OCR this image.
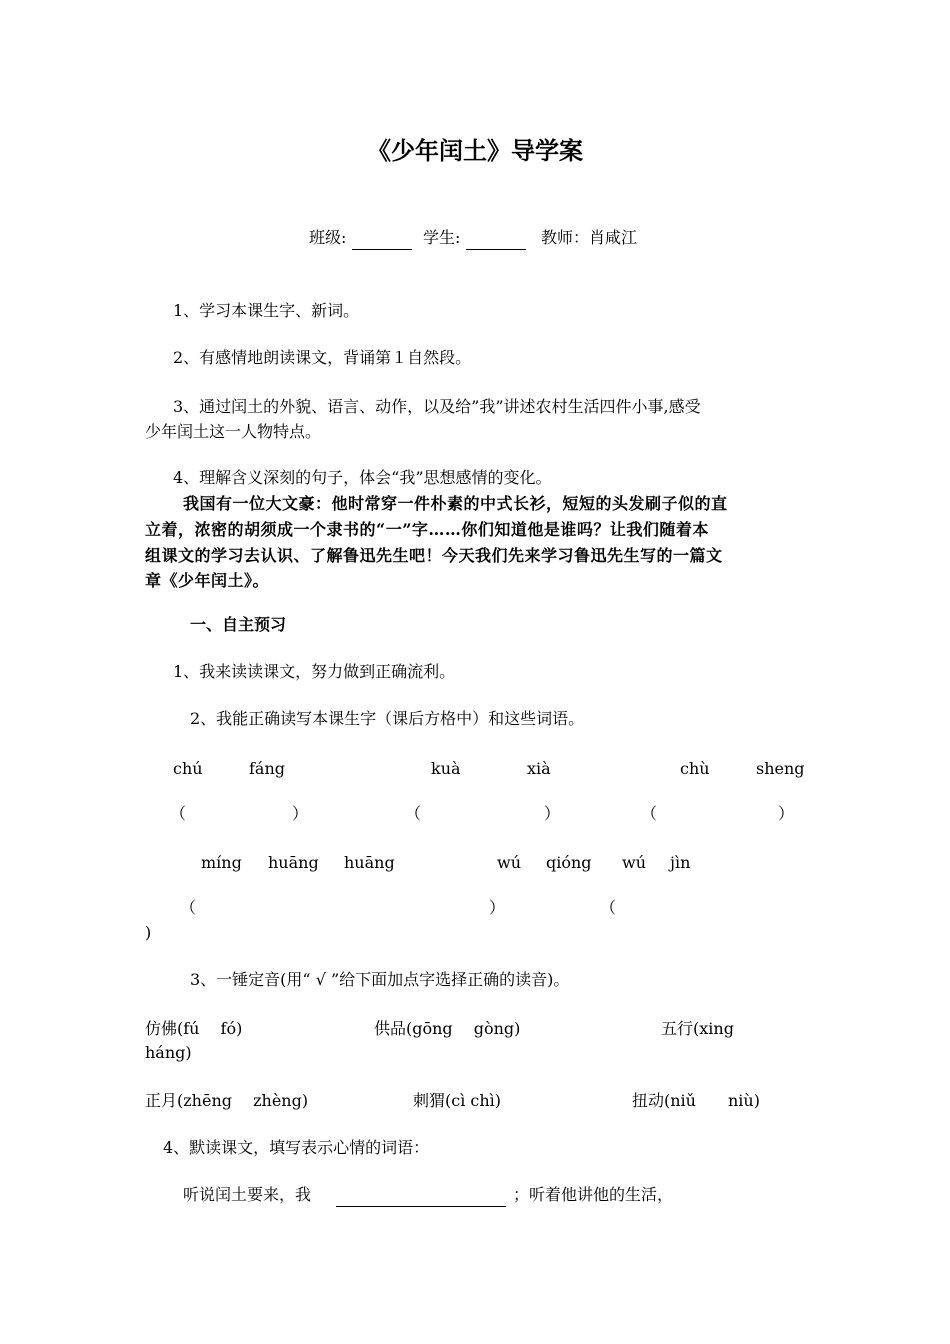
《少年闰土》导学案
班级:	学生:	教师：肖咸江
1、学习本课生字、新词。
2、有感情地朗读课文，背诵第１自然段。
3、通过闰土的外貌、语言、动作，以及给”我”讲述农村生活四件小事,感受
少年闰土这一人物特点。
4、理解含义深刻的句子，体会“我”思想感情的变化。
我国有一位大文豪：他时常穿一件朴素的中式长衫，短短的头发刷子似的直
立着，浓密的胡须成一个隶书的“一”字……你们知道他是谁吗？让我们随着本
组课文的学习去认识、了解鲁迅先生吧！今天我们先来学习鲁迅先生写的一篇文
章《少年闰土》。
一、自主预习
1、我来读读课文，努力做到正确流利。
2、我能正确读写本课生字（课后方格中）和这些词语。
chú	fáng	kuà	xià	chù	sheng
（	）	（	）	（	）
míng huāng huāng	wú qióng wú jìn
（	）	（
)
3、一锤定音(用“ √ ”给下面加点字选择正确的读音)。
仿佛(fú　 fó)	供品(gōng　 gòng)	五行(xing
háng)
正月(zhēng　 zhèng)	刺猬(cì chì)	扭动(niǔ　　niù)
4、默读课文，填写表示心情的词语：
听说闰土要来，我	；听着他讲他的生活，
